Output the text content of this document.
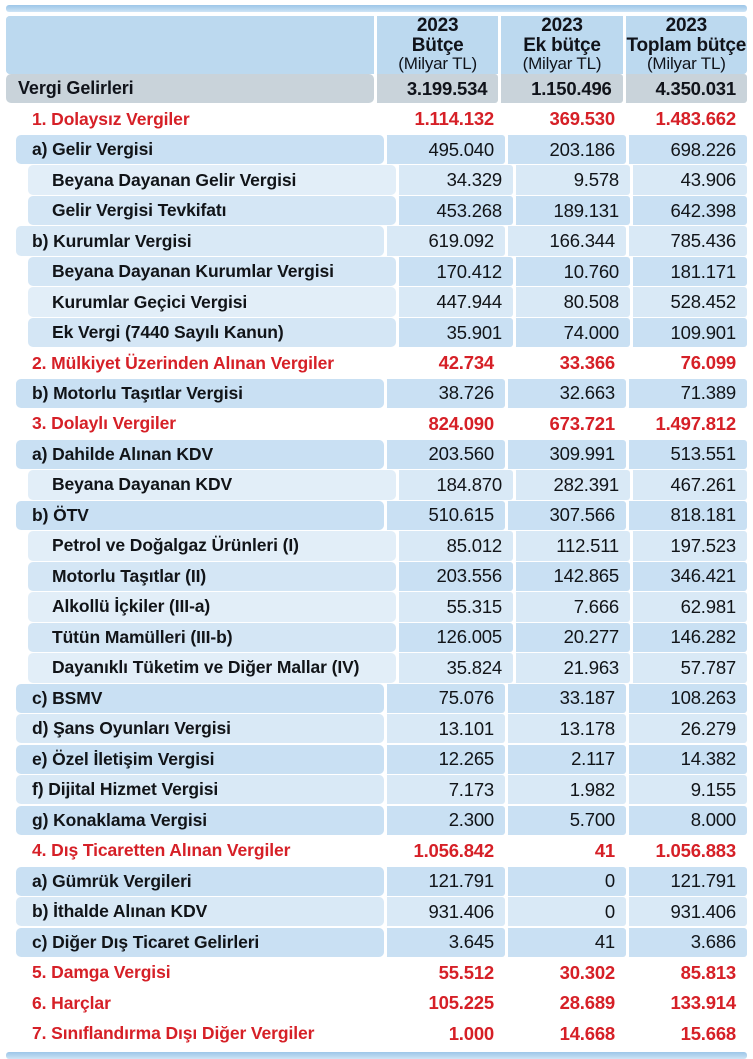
2023
Bütçe
(Milyar TL)
2023
Ek bütçe
(Milyar TL)
2023
Toplam bütçe
(Milyar TL)
Vergi Gelirleri	3.199.534	1.150.496	4.350.031
1. Dolaysız Vergiler	1.114.132	369.530	1.483.662
a) Gelir Vergisi	495.040	203.186	698.226
Beyana Dayanan Gelir Vergisi	34.329	9.578	43.906
Gelir Vergisi Tevkifatı	453.268	189.131	642.398
b) Kurumlar Vergisi	619.092	166.344	785.436
Beyana Dayanan Kurumlar Vergisi	170.412	10.760	181.171
Kurumlar Geçici Vergisi	447.944	80.508	528.452
Ek Vergi (7440 Sayılı Kanun)	35.901	74.000	109.901
2. Mülkiyet Üzerinden Alınan Vergiler	42.734	33.366	76.099
b) Motorlu Taşıtlar Vergisi	38.726	32.663	71.389
3. Dolaylı Vergiler	824.090	673.721	1.497.812
a) Dahilde Alınan KDV	203.560	309.991	513.551
Beyana Dayanan KDV	184.870	282.391	467.261
b) ÖTV	510.615	307.566	818.181
Petrol ve Doğalgaz Ürünleri (I)	85.012	112.511	197.523
Motorlu Taşıtlar (II)	203.556	142.865	346.421
Alkollü İçkiler (III-a)	55.315	7.666	62.981
Tütün Mamülleri (III-b)	126.005	20.277	146.282
Dayanıklı Tüketim ve Diğer Mallar (IV)	35.824	21.963	57.787
c) BSMV	75.076	33.187	108.263
d) Şans Oyunları Vergisi	13.101	13.178	26.279
e) Özel İletişim Vergisi	12.265	2.117	14.382
f) Dijital Hizmet Vergisi	7.173	1.982	9.155
g) Konaklama Vergisi	2.300	5.700	8.000
4. Dış Ticaretten Alınan Vergiler	1.056.842	41	1.056.883
a) Gümrük Vergileri	121.791	0	121.791
b) İthalde Alınan KDV	931.406	0	931.406
c) Diğer Dış Ticaret Gelirleri	3.645	41	3.686
5. Damga Vergisi	55.512	30.302	85.813
6. Harçlar	105.225	28.689	133.914
7. Sınıflandırma Dışı Diğer Vergiler	1.000	14.668	15.668
